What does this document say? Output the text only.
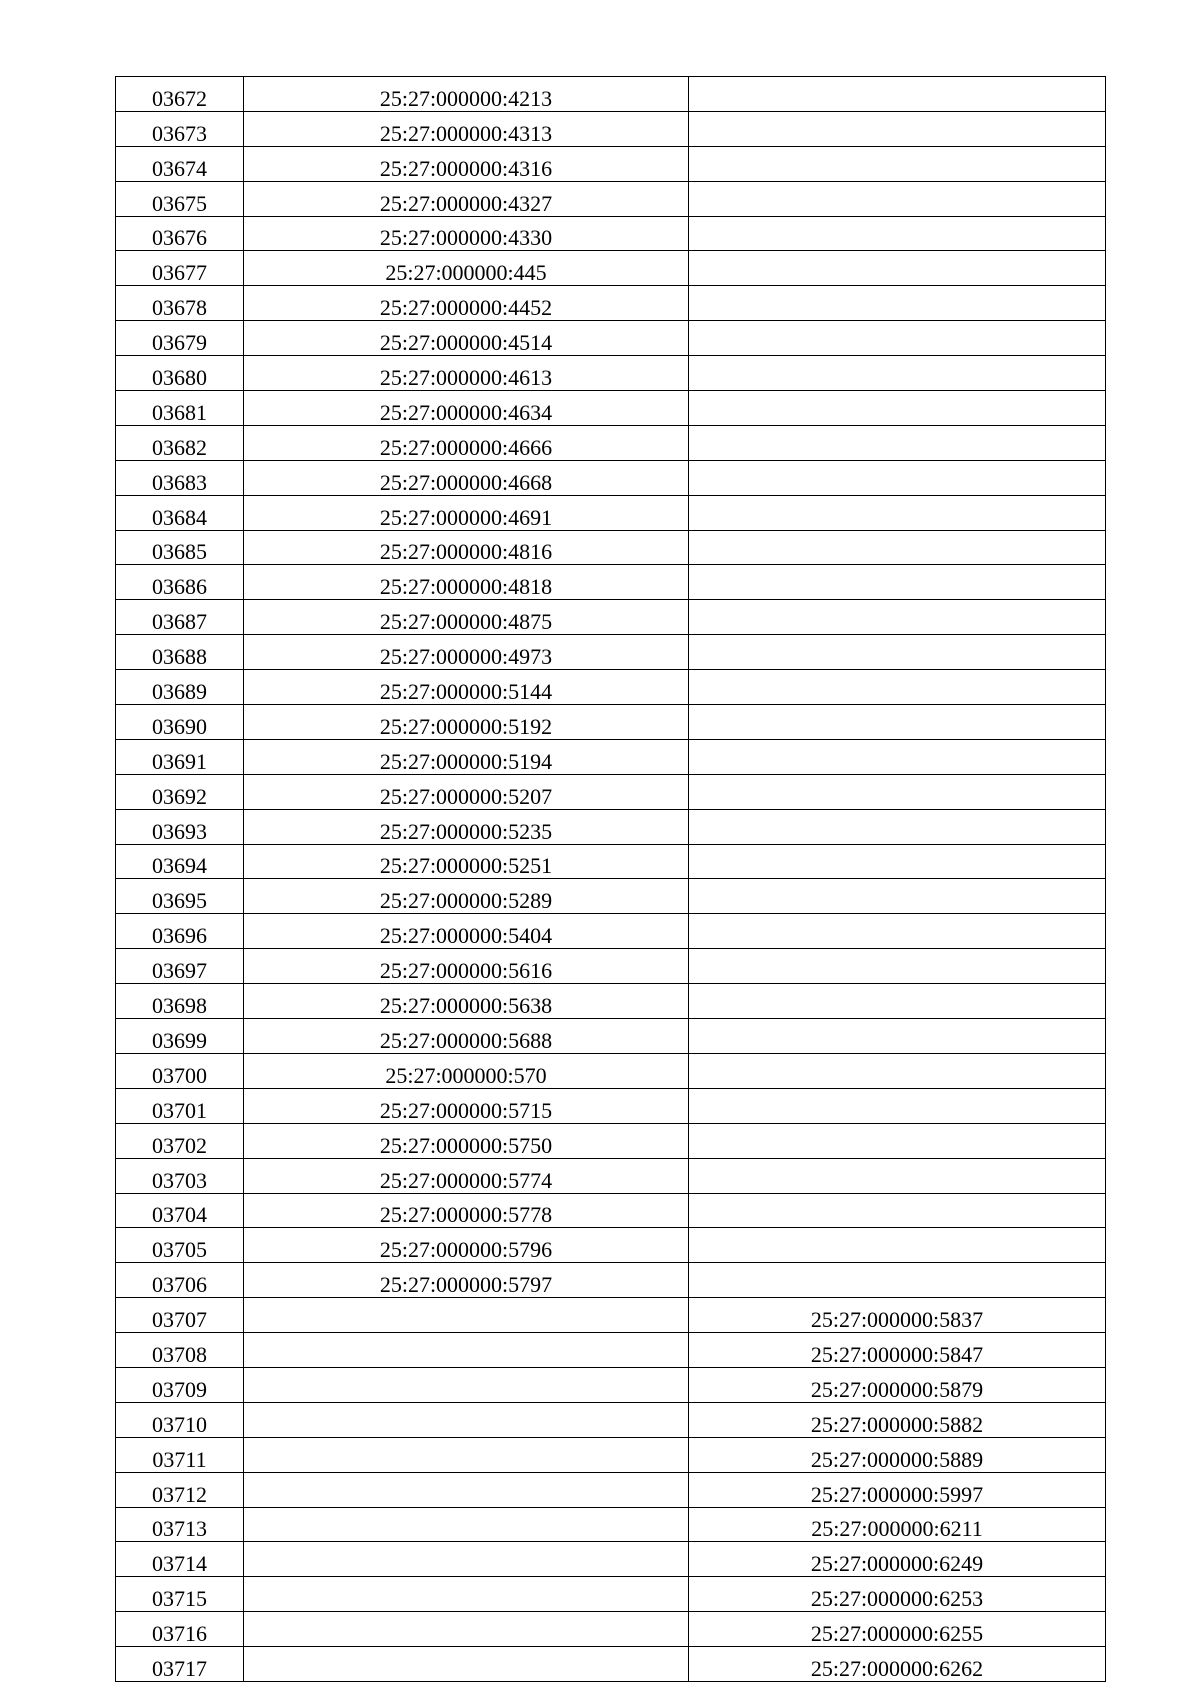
03672	25:27:000000:4213	
03673	25:27:000000:4313	
03674	25:27:000000:4316	
03675	25:27:000000:4327	
03676	25:27:000000:4330	
03677	25:27:000000:445	
03678	25:27:000000:4452	
03679	25:27:000000:4514	
03680	25:27:000000:4613	
03681	25:27:000000:4634	
03682	25:27:000000:4666	
03683	25:27:000000:4668	
03684	25:27:000000:4691	
03685	25:27:000000:4816	
03686	25:27:000000:4818	
03687	25:27:000000:4875	
03688	25:27:000000:4973	
03689	25:27:000000:5144	
03690	25:27:000000:5192	
03691	25:27:000000:5194	
03692	25:27:000000:5207	
03693	25:27:000000:5235	
03694	25:27:000000:5251	
03695	25:27:000000:5289	
03696	25:27:000000:5404	
03697	25:27:000000:5616	
03698	25:27:000000:5638	
03699	25:27:000000:5688	
03700	25:27:000000:570	
03701	25:27:000000:5715	
03702	25:27:000000:5750	
03703	25:27:000000:5774	
03704	25:27:000000:5778	
03705	25:27:000000:5796	
03706	25:27:000000:5797	
03707		25:27:000000:5837
03708		25:27:000000:5847
03709		25:27:000000:5879
03710		25:27:000000:5882
03711		25:27:000000:5889
03712		25:27:000000:5997
03713		25:27:000000:6211
03714		25:27:000000:6249
03715		25:27:000000:6253
03716		25:27:000000:6255
03717		25:27:000000:6262
